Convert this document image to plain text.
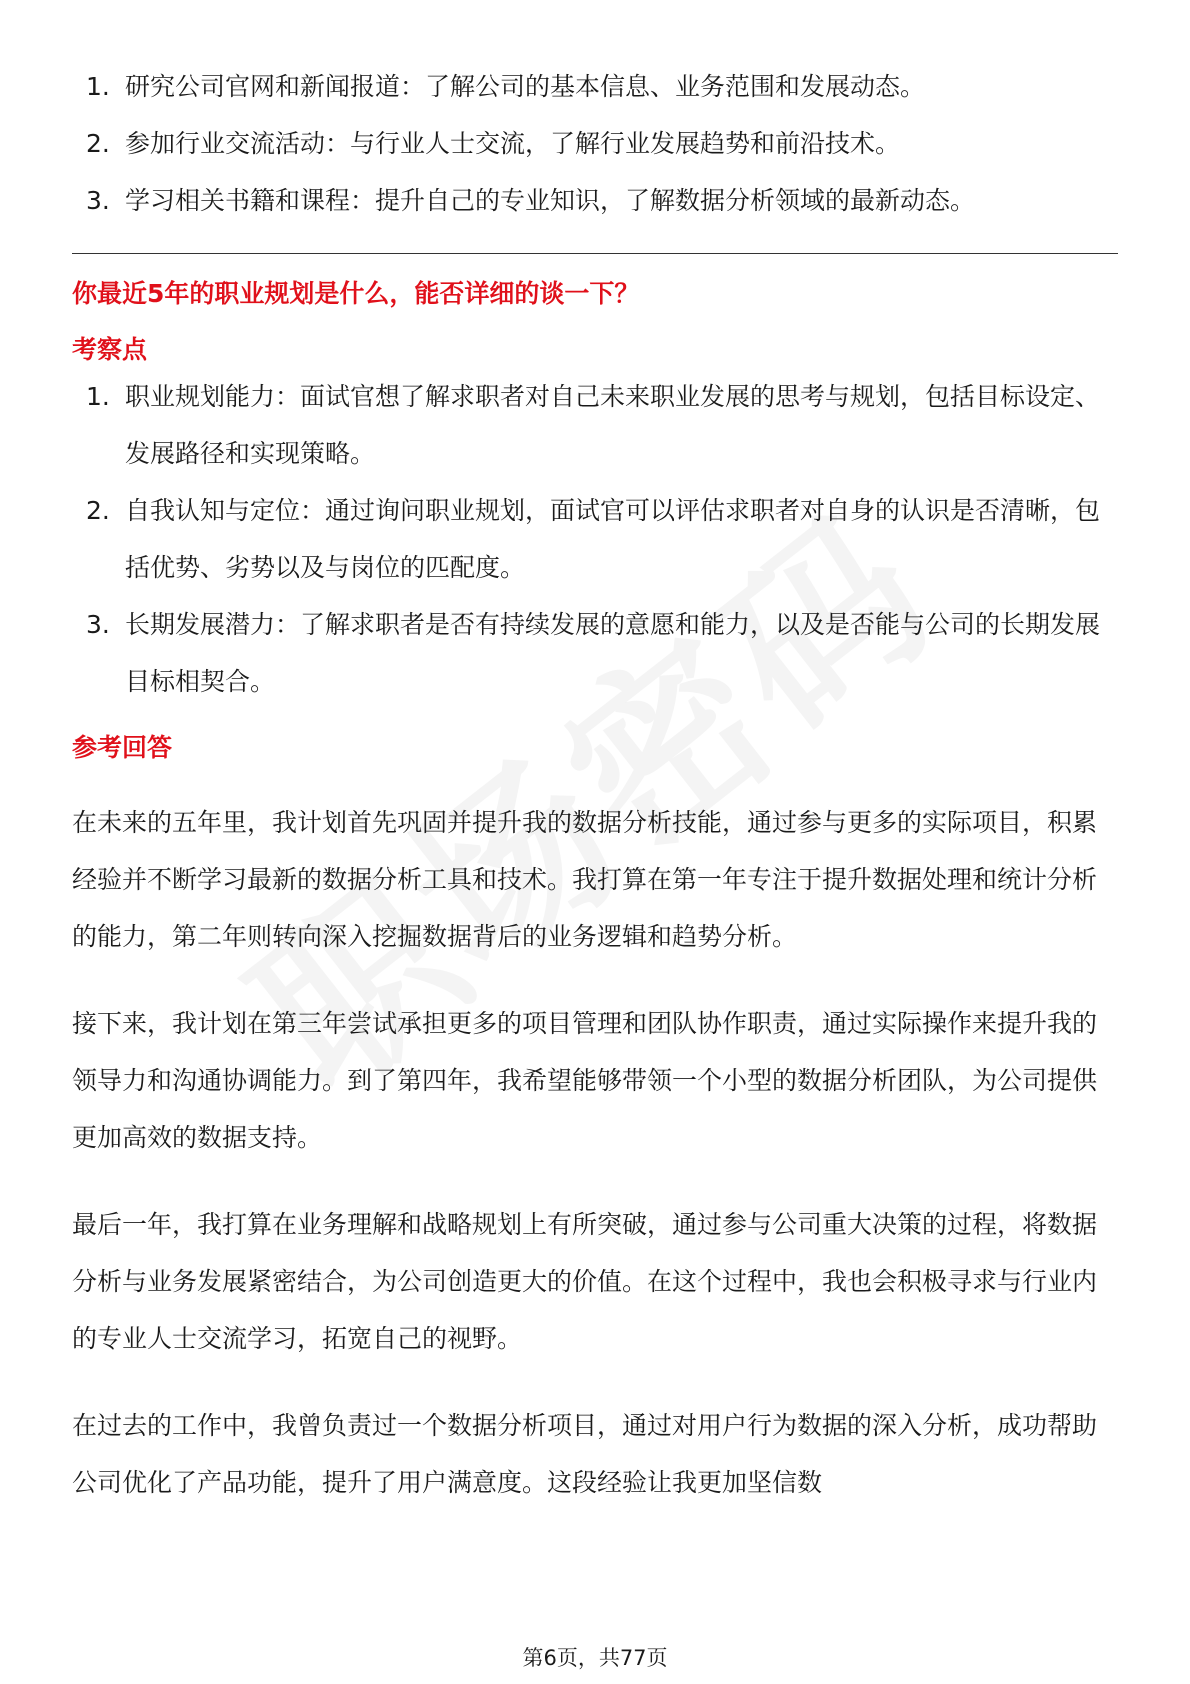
1. 研究公司官网和新闻报道：了解公司的基本信息、业务范围和发展动态。
2. 参加行业交流活动：与行业人士交流，了解行业发展趋势和前沿技术。
3. 学习相关书籍和课程：提升自己的专业知识，了解数据分析领域的最新动态。
你最近5年的职业规划是什么，能否详细的谈一下？
考察点
1. 职业规划能力：面试官想了解求职者对自己未来职业发展的思考与规划，包括目标设定、发展路径和实现策略。
2. 自我认知与定位：通过询问职业规划，面试官可以评估求职者对自身的认识是否清晰，包括优势、劣势以及与岗位的匹配度。
3. 长期发展潜力：了解求职者是否有持续发展的意愿和能力，以及是否能与公司的长期发展目标相契合。
参考回答

在未来的五年里，我计划首先巩固并提升我的数据分析技能，通过参与更多的实际项目，积累经验并不断学习最新的数据分析工具和技术。我打算在第一年专注于提升数据处理和统计分析的能力，第二年则转向深入挖掘数据背后的业务逻辑和趋势分析。

接下来，我计划在第三年尝试承担更多的项目管理和团队协作职责，通过实际操作来提升我的领导力和沟通协调能力。到了第四年，我希望能够带领一个小型的数据分析团队，为公司提供更加高效的数据支持。

最后一年，我打算在业务理解和战略规划上有所突破，通过参与公司重大决策的过程，将数据分析与业务发展紧密结合，为公司创造更大的价值。在这个过程中，我也会积极寻求与行业内的专业人士交流学习，拓宽自己的视野。

在过去的工作中，我曾负责过一个数据分析项目，通过对用户行为数据的深入分析，成功帮助公司优化了产品功能，提升了用户满意度。这段经验让我更加坚信数

第6页，共77页
